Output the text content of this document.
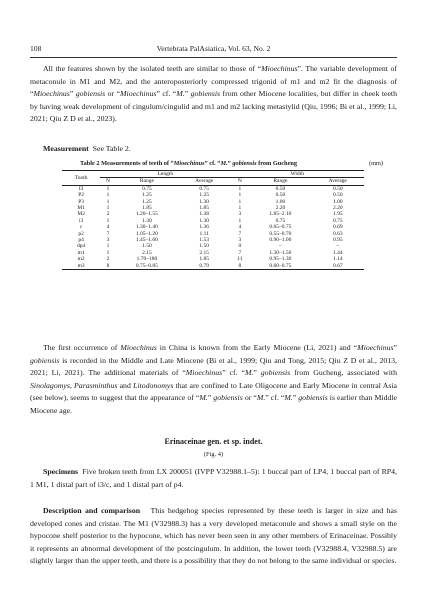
108	Vertebrata PalAsiatica, Vol. 63, No. 2

All the features shown by the isolated teeth are similar to those of “Mioechinus”. The variable development of metaconule in M1 and M2, and the anteroposteriorly compressed trigonid of m1 and m2 fit the diagnosis of “Mioechinus” gobiensis or “Mioechinus” cf. “M.” gobiensis from other Miocene localities, but differ in cheek teeth by having weak development of cingulum/cingulid and m1 and m2 lacking metastylid (Qiu, 1996; Bi et al., 1999; Li, 2021; Qiu Z D et al., 2023).

Measurement See Table 2.
Table 2 Measurements of teeth of “Mioechinus” cf. “M.” gobiensis from Gucheng	(mm)
Tooth	Length			Width		
	N	Range	Average	N	Range	Average
I3	1	0.75	0.75	1	0.50	0.50
P2	1	1.25	1.25	1	0.50	0.50
P3	1	1.25	1.30	1	1.00	1.00
M1	1	1.85	1.85	1	2.20	2.20
M2	2	1.20–1.55	1.38	3	1.85–2.10	1.95
i3	1	1.30	1.30	1	0.75	0.75
c	4	1.30–1.40	1.36	4	0.65–0.75	0.69
p2	7	1.05–1.20	1.11	7	0.55–0.70	0.63
p4	3	1.45–1.60	1.53	3	0.90–1.00	0.95
dp4	1	1.50	1.50	0	–	–
m1	1	2.15	2.15	7	1.30–1.50	1.44
m2	2	1.70–180	1.85	11	0.95–1.30	1.14
m3	8	0.75–0.85	0.79	8	0.60–0.75	0.67

The first occurrence of Mioechinus in China is known from the Early Miocene (Li, 2021) and “Mioechinus” gobiensis is recorded in the Middle and Late Miocene (Bi et al., 1999; Qiu and Tong, 2015; Qiu Z D et al., 2013, 2021; Li, 2021). The additional materials of “Mioechinus” cf. “M.” gobiensis from Gucheng, associated with Sinolagomys, Parasminthus and Litodonomys that are confined to Late Oligocene and Early Miocene in central Asia (see below), seems to suggest that the appearance of “M.” gobiensis or “M.” cf. “M.” gobiensis is earlier than Middle Miocene age.

Erinaceinae gen. et sp. indet.
(Fig. 4)

Specimens Five broken teeth from LX 200051 (IVPP V32988.1–5): 1 buccal part of LP4, 1 buccal part of RP4, 1 M1, 1 distal part of i3/c, and 1 distal part of p4.

Description and comparison This hedgehog species represented by these teeth is larger in size and has developed cones and cristae. The M1 (V32988.3) has a very developed metaconule and shows a small style on the hypocone shelf posterior to the hypocone, which has never been seen in any other members of Erinaceinae. Possibly it represents an abnormal development of the postcingulum. In addition, the lower teeth (V32988.4, V32988.5) are slightly larger than the upper teeth, and there is a possibility that they do not belong to the same individual or species.
